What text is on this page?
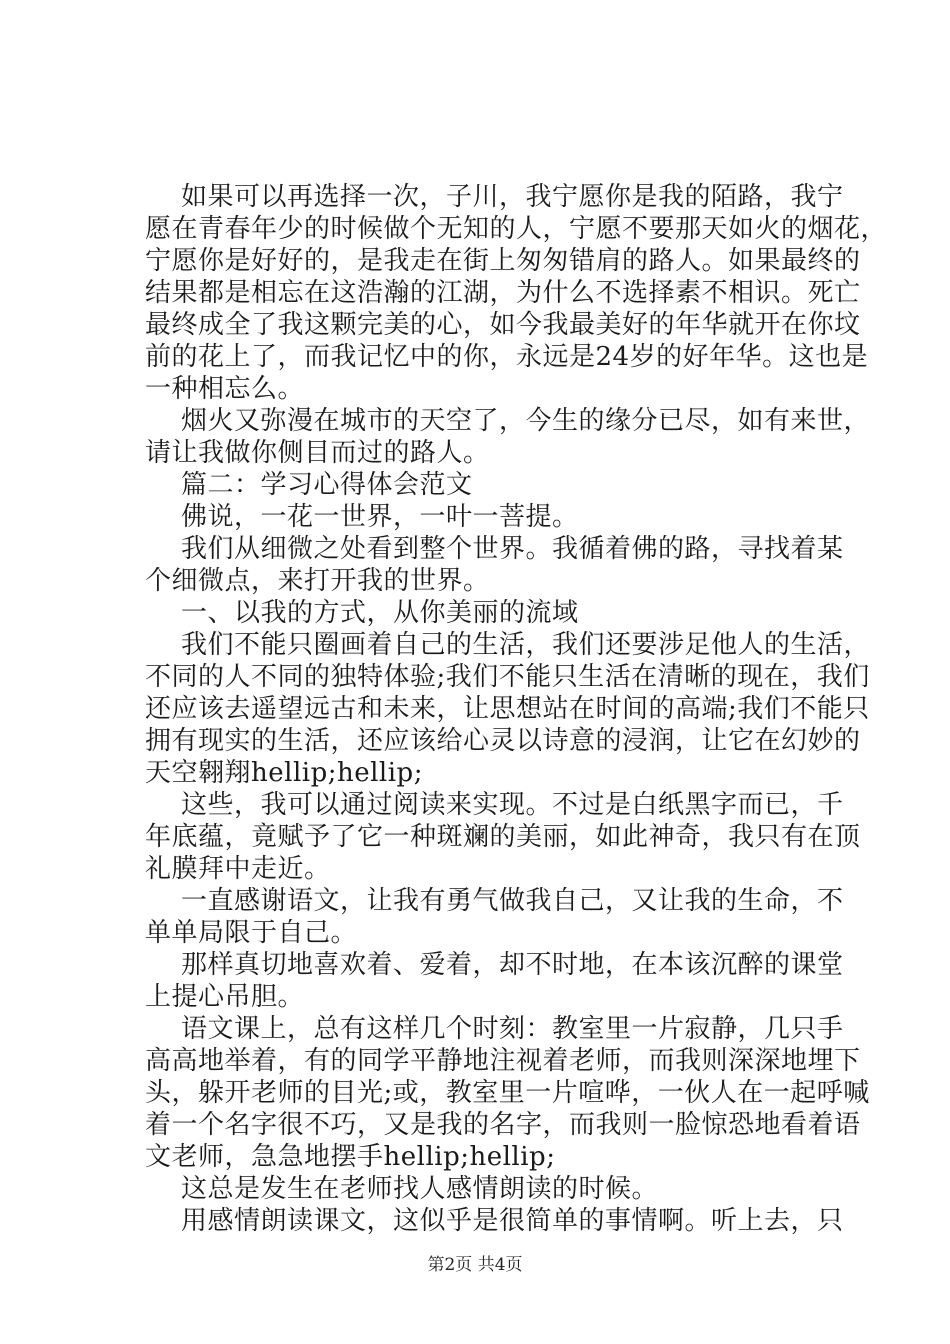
如果可以再选择一次，子川，我宁愿你是我的陌路，我宁
愿在青春年少的时候做个无知的人，宁愿不要那天如火的烟花，
宁愿你是好好的，是我走在街上匆匆错肩的路人。如果最终的
结果都是相忘在这浩瀚的江湖，为什么不选择素不相识。死亡
最终成全了我这颗完美的心，如今我最美好的年华就开在你坟
前的花上了，而我记忆中的你，永远是24岁的好年华。这也是
一种相忘么。
烟火又弥漫在城市的天空了，今生的缘分已尽，如有来世，
请让我做你侧目而过的路人。
篇二：学习心得体会范文
佛说，一花一世界，一叶一菩提。
我们从细微之处看到整个世界。我循着佛的路，寻找着某
个细微点，来打开我的世界。
一、以我的方式，从你美丽的流域
我们不能只圈画着自己的生活，我们还要涉足他人的生活，
不同的人不同的独特体验;我们不能只生活在清晰的现在，我们
还应该去遥望远古和未来，让思想站在时间的高端;我们不能只
拥有现实的生活，还应该给心灵以诗意的浸润，让它在幻妙的
天空翱翔hellip;hellip;
这些，我可以通过阅读来实现。不过是白纸黑字而已，千
年底蕴，竟赋予了它一种斑斓的美丽，如此神奇，我只有在顶
礼膜拜中走近。
一直感谢语文，让我有勇气做我自己，又让我的生命，不
单单局限于自己。
那样真切地喜欢着、爱着，却不时地，在本该沉醉的课堂
上提心吊胆。
语文课上，总有这样几个时刻：教室里一片寂静，几只手
高高地举着，有的同学平静地注视着老师，而我则深深地埋下
头，躲开老师的目光;或，教室里一片喧哗，一伙人在一起呼喊
着一个名字很不巧，又是我的名字，而我则一脸惊恐地看着语
文老师，急急地摆手hellip;hellip;
这总是发生在老师找人感情朗读的时候。
用感情朗读课文，这似乎是很简单的事情啊。听上去，只
第2页 共4页
